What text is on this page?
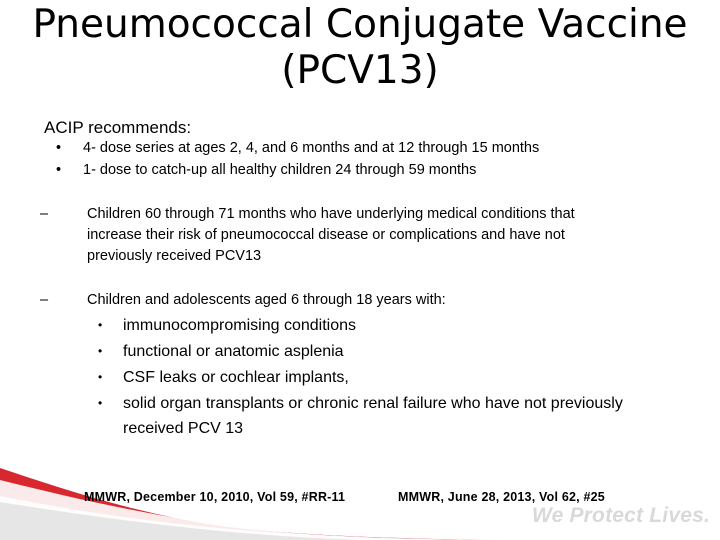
Pneumococcal Conjugate Vaccine
(PCV13)
ACIP recommends:
• 4- dose series at ages 2, 4, and 6 months and at 12 through 15 months
• 1- dose to catch-up all healthy children 24 through 59 months
–	Children 60 through 71 months who have underlying medical conditions that
increase their risk of pneumococcal disease or complications and have not
previously received PCV13
–	Children and adolescents aged 6 through 18 years with:
• immunocompromising conditions
• functional or anatomic asplenia
• CSF leaks or cochlear implants,
• solid organ transplants or chronic renal failure who have not previously
received PCV 13
MMWR, December 10, 2010, Vol 59, #RR-11	MMWR, June 28, 2013, Vol 62, #25
We Protect Lives.
